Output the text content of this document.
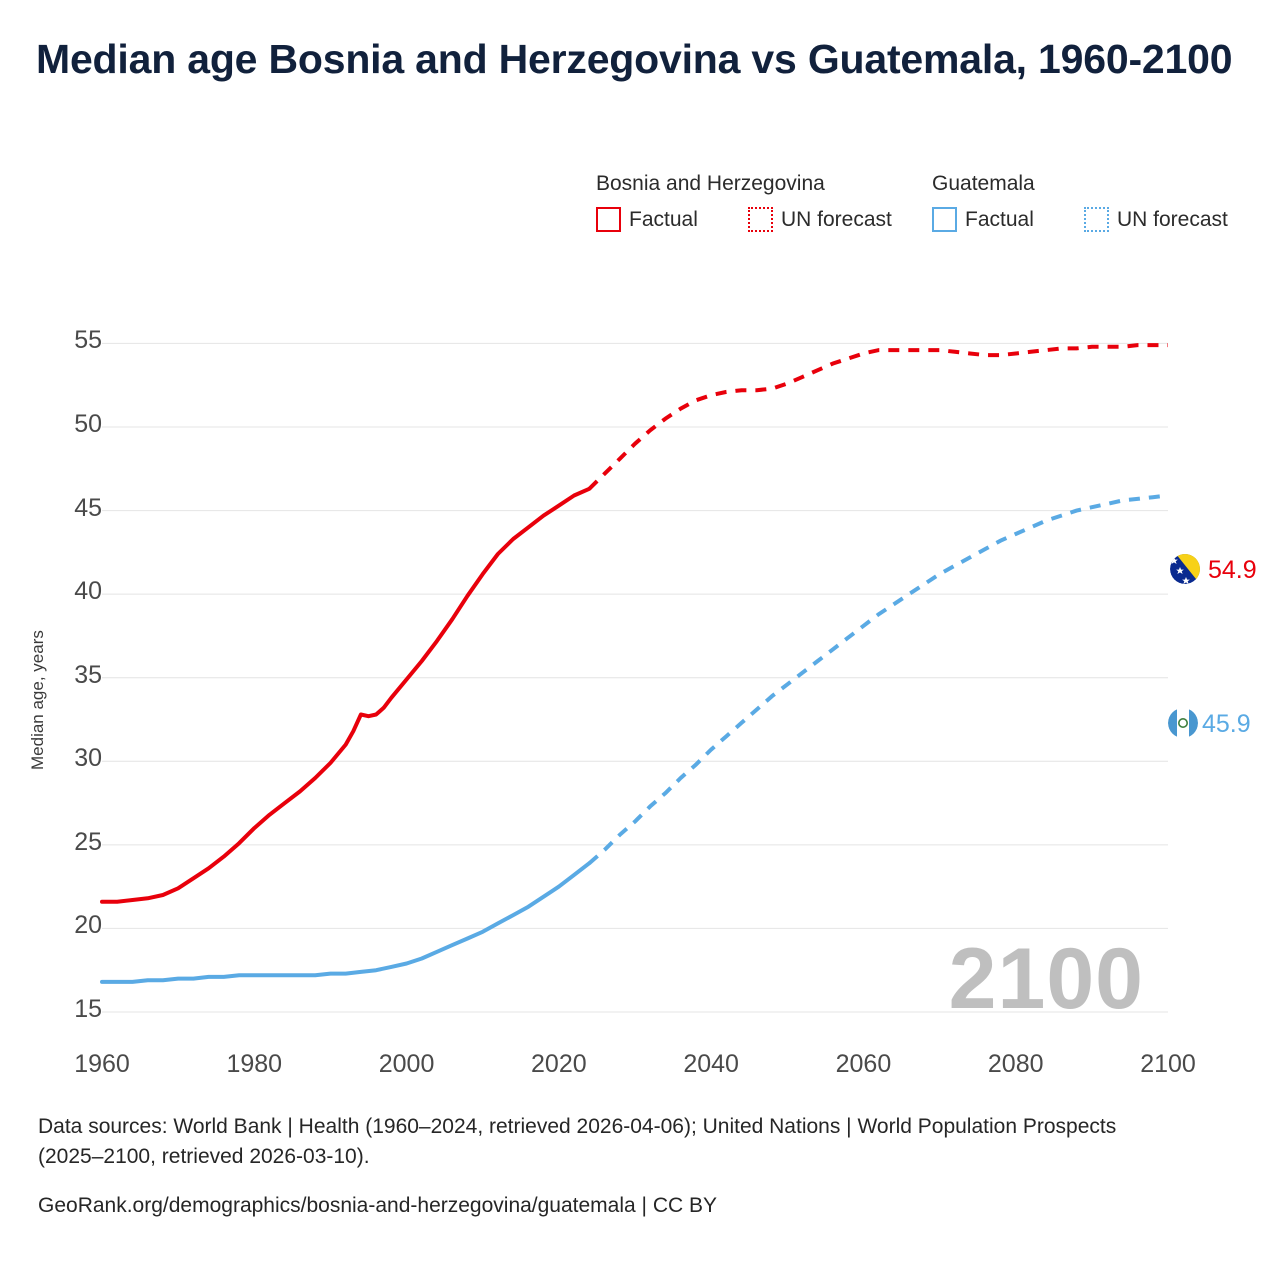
Median age Bosnia and Herzegovina vs Guatemala, 1960-2100
Bosnia and Herzegovina	Guatemala
Factual	UN forecast	Factual	UN forecast
Median age, years
15
20
25
30
35
40
45
50
55
1960	1980	2000	2020	2040	2060	2080	2100
2100
54.9
45.9
Data sources: World Bank | Health (1960–2024, retrieved 2026-04-06); United Nations | World Population Prospects (2025–2100, retrieved 2026-03-10).
GeoRank.org/demographics/bosnia-and-herzegovina/guatemala | CC BY
